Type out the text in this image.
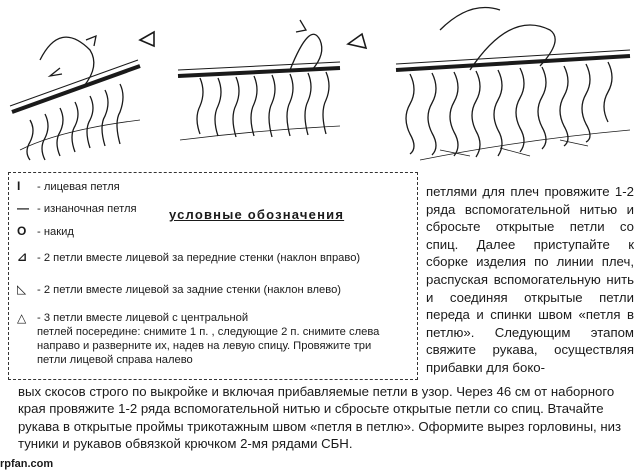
условные обозначения
I - лицевая петля
— - изнаночная петля
O - накид
⊿ - 2 петли вместе лицевой за передние стенки (наклон вправо)
◺ - 2 петли вместе лицевой за задние стенки (наклон влево)
△ - 3 петли вместе лицевой с центральной
петлей посередине: снимите 1 п. , следующие 2 п. снимите слева
направо и разверните их, надев на левую спицу. Провяжите три
петли лицевой справа налево
петлями для плеч провяжите 1-2 ряда вспомогательной нитью и сбросьте открытые петли со спиц. Далее приступайте к сборке изделия по линии плеч, распуская вспомогательную нить и соединяя открытые петли переда и спинки швом «петля в петлю». Следующим этапом свяжите рукава, осуществляя прибавки для боко-
вых скосов строго по выкройке и включая прибавляемые петли в узор. Через 46 см от наборного
края провяжите 1-2 ряда вспомогательной нитью и сбросьте открытые петли со спиц. Втачайте
рукава в открытые проймы трикотажным швом «петля в петлю». Оформите вырез горловины, низ
туники и рукавов обвязкой крючком 2-мя рядами СБН.
rpfan.com
